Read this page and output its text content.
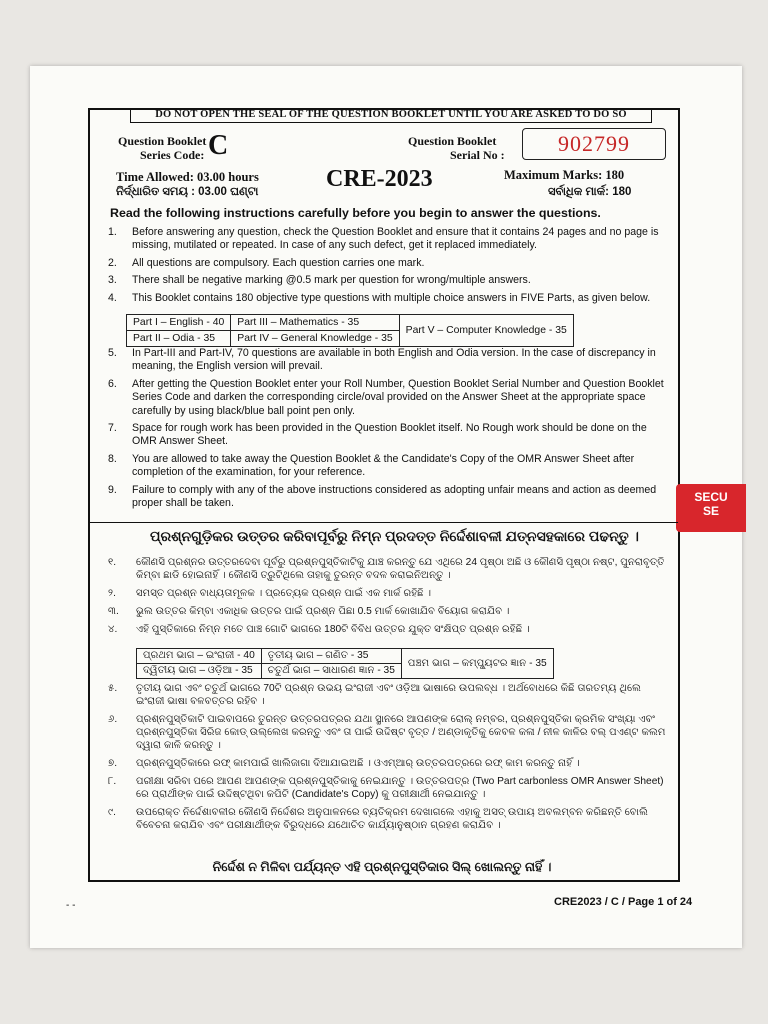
DO NOT OPEN THE SEAL OF THE QUESTION BOOKLET UNTIL YOU ARE ASKED TO DO SO
Question Booklet
Series Code: C	Question Booklet
Serial No :	902799
Time Allowed: 03.00 hours
ନିର୍ଦ୍ଧାରିତ ସମୟ : 03.00 ଘଣ୍ଟା	CRE-2023	Maximum Marks: 180
ସର୍ବାଧିକ ମାର୍କ: 180
Read the following instructions carefully before you begin to answer the questions.
1. Before answering any question, check the Question Booklet and ensure that it contains 24 pages and no page is missing, mutilated or repeated. In case of any such defect, get it replaced immediately.
2. All questions are compulsory. Each question carries one mark.
3. There shall be negative marking @0.5 mark per question for wrong/multiple answers.
4. This Booklet contains 180 objective type questions with multiple choice answers in FIVE Parts, as given below.
5. In Part-III and Part-IV, 70 questions are available in both English and Odia version. In the case of discrepancy in meaning, the English version will prevail.
6. After getting the Question Booklet enter your Roll Number, Question Booklet Serial Number and Question Booklet Series Code and darken the corresponding circle/oval provided on the Answer Sheet at the appropriate space carefully by using black/blue ball point pen only.
7. Space for rough work has been provided in the Question Booklet itself. No Rough work should be done on the OMR Answer Sheet.
8. You are allowed to take away the Question Booklet & the Candidate's Copy of the OMR Answer Sheet after completion of the examination, for your reference.
9. Failure to comply with any of the above instructions considered as adopting unfair means and action as deemed proper shall be taken.
Part I – English - 40	Part III – Mathematics - 35	Part V – Computer Knowledge - 35
Part II – Odia - 35	Part IV – General Knowledge - 35	
SECU
SE
ପ୍ରଶ୍ନଗୁଡ଼ିକର ଉତ୍ତର କରିବାପୂର୍ବରୁ ନିମ୍ନ ପ୍ରଦତ୍ତ ନିର୍ଦ୍ଦେଶାବଳୀ ଯତ୍ନସହକାରେ ପଢନ୍ତୁ ।
୧. କୌଣସି ପ୍ରଶ୍ନର ଉତ୍ତରଦେବା ପୂର୍ବରୁ ପ୍ରଶ୍ନପୁସ୍ତିକାଟିକୁ ଯାଞ୍ଚ କରନ୍ତୁ ଯେ ଏଥିରେ 24 ପୃଷ୍ଠା ଅଛି ଓ କୌଣସି ପୃଷ୍ଠା ନଷ୍ଟ, ପୁନରାବୃତ୍ତି କିମ୍ବା ଛାଡି ହୋଇନାହିଁ । କୌଣସି ତ୍ରୁଟିଥିଲେ ତାହାକୁ ତୁରନ୍ତ ବଦଳ କରାଇନିଅନ୍ତୁ ।
୨. ସମସ୍ତ ପ୍ରଶ୍ନ ବାଧ୍ୟତାମୂଳକ । ପ୍ରତ୍ୟେକ ପ୍ରଶ୍ନ ପାଇଁ ଏକ ମାର୍କ ରହିଛି ।
୩. ଭୁଲ ଉତ୍ତର କିମ୍ବା ଏକାଧିକ ଉତ୍ତର ପାଇଁ ପ୍ରଶ୍ନ ପିଛା 0.5 ମାର୍କ କୋଖାଯିବ ବିୟୋଗ କରାଯିବ ।
୪. ଏହି ପୁସ୍ତିକାରେ ନିମ୍ନ ମତେ ପାଞ୍ଚ ଗୋଟି ଭାଗରେ 180ଟି ବିବିଧ ଉତ୍ତର ଯୁକ୍ତ ସଂକ୍ଷିପ୍ତ ପ୍ରଶ୍ନ ରହିଛି ।
୫. ତୃତୀୟ ଭାଗ ଏବଂ ଚତୁର୍ଥ ଭାଗରେ 70ଟି ପ୍ରଶ୍ନ ଉଭୟ ଇଂରାଜୀ ଏବଂ ଓଡ଼ିଆ ଭାଷାରେ ଉପଲବ୍ଧ । ଅର୍ଥବୋଧରେ କିଛି ତାରତମ୍ୟ ଥିଲେ ଇଂରାଜୀ ଭାଷା ବଳବତ୍ତର ରହିବ ।
୬. ପ୍ରଶ୍ନପୁସ୍ତିକାଟି ପାଇବାପରେ ତୁରନ୍ତ ଉତ୍ତରପତ୍ରର ଯଥା ସ୍ଥାନରେ ଆପଣଙ୍କ ରୋଲ୍ ନମ୍ବର, ପ୍ରଶ୍ନପୁସ୍ତିକା କ୍ରମିକ ସଂଖ୍ୟା ଏବଂ ପ୍ରଶ୍ନପୁସ୍ତିକା ସିରିଜ କୋଡ୍ ଉଲ୍ଲେଖ କରନ୍ତୁ ଏବଂ ତା ପାଇଁ ଉଦ୍ଦିଷ୍ଟ ବୃତ୍ତ / ଅଣ୍ଡାକୃତିକୁ କେବଳ କଳା / ନୀଳ କାଳିର ବଲ୍ ପଏଣ୍ଟ କଲମ ଦ୍ୱାରା କାଳି କରନ୍ତୁ ।
୭. ପ୍ରଶ୍ନପୁସ୍ତିକାରେ ରଫ୍ କାମପାଇଁ ଖାଲିଜାଗା ଦିଆଯାଇଅଛି । ଓଏମ୍ଆର୍ ଉତ୍ତରପତ୍ରରେ ରଫ୍ କାମ କରନ୍ତୁ ନାହିଁ ।
୮. ପରୀକ୍ଷା ସରିବା ପରେ ଆପଣ ଆପଣଙ୍କ ପ୍ରଶ୍ନପୁସ୍ତିକାକୁ ନେଇଯାନ୍ତୁ । ଉତ୍ତରପତ୍ର (Two Part carbonless OMR Answer Sheet) ରେ ପ୍ରାର୍ଥୀଙ୍କ ପାଇଁ ଉଦ୍ଦିଷ୍ଟଥିବା କପିଟି (Candidate's Copy) କୁ ପରୀକ୍ଷାର୍ଥୀ ନେଇଯାନ୍ତୁ ।
୯. ଉପରୋକ୍ତ ନିର୍ଦ୍ଦେଶାବଳୀର କୌଣସି ନିର୍ଦ୍ଦେଶର ଅନୁପାଳନରେ ବ୍ୟତିକ୍ରମ ଦେଖାଗଲେ ଏହାକୁ ଅସତ୍ ଉପାୟ ଅବଲମ୍ବନ କରିଛନ୍ତି ବୋଲି ବିବେଚନା କରାଯିବ ଏବଂ ପରୀକ୍ଷାର୍ଥୀଙ୍କ ବିରୁଦ୍ଧରେ ଯଥୋଚିତ କାର୍ଯ୍ୟାନୁଷ୍ଠାନ ଗ୍ରହଣ କରାଯିବ ।
ପ୍ରଥମ ଭାଗ – ଇଂରାଜୀ - 40	ତୃତୀୟ ଭାଗ – ଗଣିତ - 35	ପଞ୍ଚମ ଭାଗ – କମ୍ପ୍ୟୁଟର ଜ୍ଞାନ - 35
ଦ୍ୱିତୀୟ ଭାଗ – ଓଡ଼ିଆ - 35	ଚତୁର୍ଥ ଭାଗ – ସାଧାରଣ ଜ୍ଞାନ - 35	
ନିର୍ଦ୍ଦେଶ ନ ମିଳିବା ପର୍ଯ୍ୟନ୍ତ ଏହି ପ୍ରଶ୍ନପୁସ୍ତିକାର ସିଲ୍ ଖୋଲନ୍ତୁ ନାହିଁ ।
- -	CRE2023 / C / Page 1 of 24
